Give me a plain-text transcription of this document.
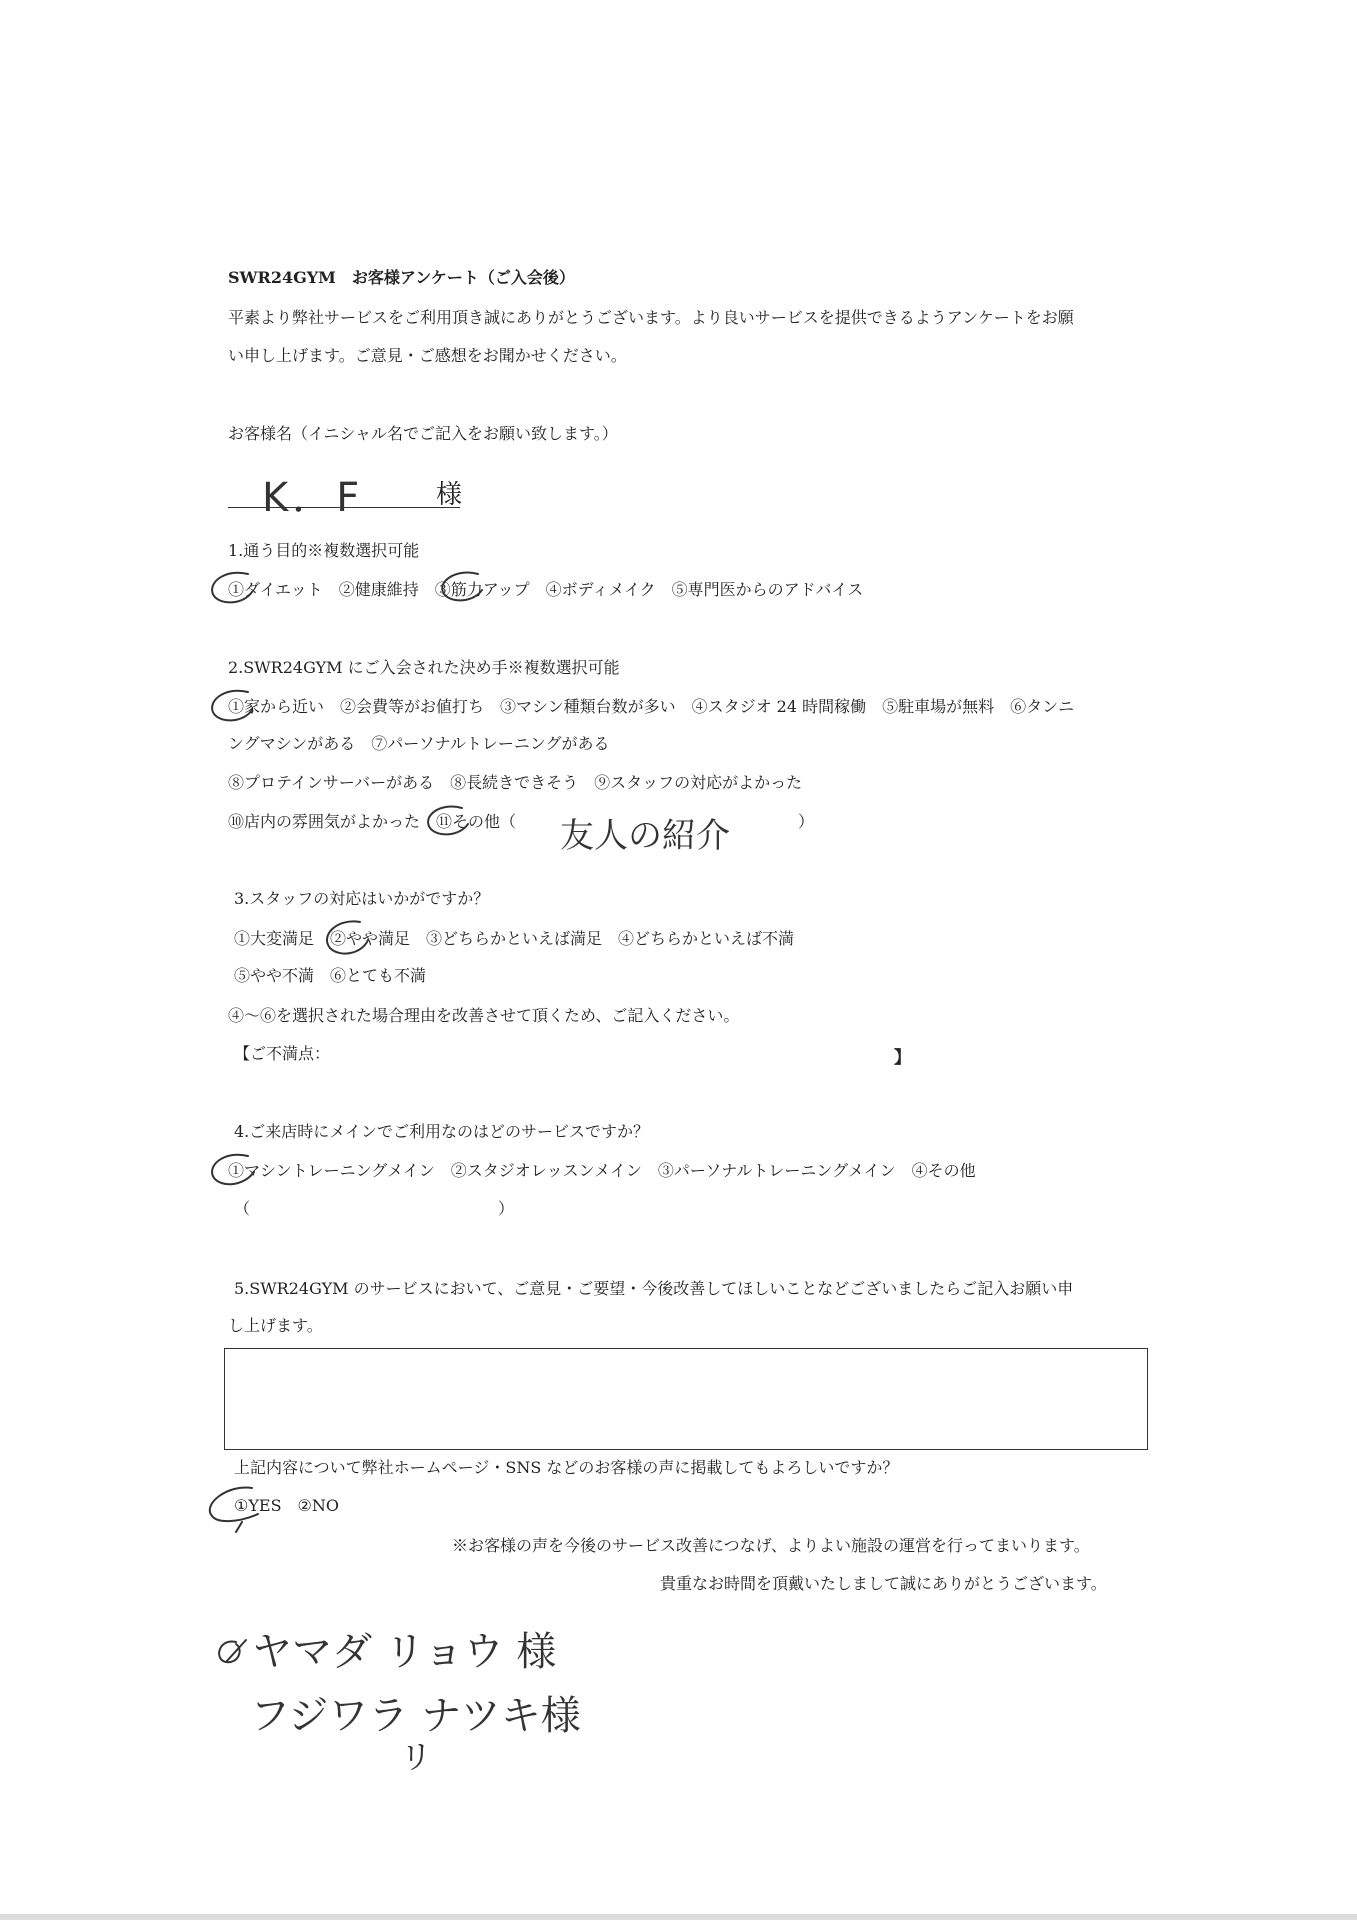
SWR24GYM　お客様アンケート（ご入会後）
平素より弊社サービスをご利用頂き誠にありがとうございます。より良いサービスを提供できるようアンケートをお願
い申し上げます。ご意見・ご感想をお聞かせください。
お客様名（イニシャル名でご記入をお願い致します。）
K．F	様
1.通う目的※複数選択可能
①ダイエット　②健康維持　③筋力アップ　④ボディメイク　⑤専門医からのアドバイス
2.SWR24GYM にご入会された決め手※複数選択可能
①家から近い　②会費等がお値打ち　③マシン種類台数が多い　④スタジオ 24 時間稼働　⑤駐車場が無料　⑥タンニ
ングマシンがある　⑦パーソナルトレーニングがある
⑧プロテインサーバーがある　⑧長続きできそう　⑨スタッフの対応がよかった
⑩店内の雰囲気がよかった　⑪その他（ 友人の紹介	）
3.スタッフの対応はいかがですか？
①大変満足　②やや満足　③どちらかといえば満足　④どちらかといえば不満
⑤やや不満　⑥とても不満
④～⑥を選択された場合理由を改善させて頂くため、ご記入ください。
【ご不満点：	】
4.ご来店時にメインでご利用なのはどのサービスですか？
①マシントレーニングメイン　②スタジオレッスンメイン　③パーソナルトレーニングメイン　④その他
（	）
5.SWR24GYM のサービスにおいて、ご意見・ご要望・今後改善してほしいことなどございましたらご記入お願い申
し上げます。
上記内容について弊社ホームページ・SNS などのお客様の声に掲載してもよろしいですか？
①YES　②NO
※お客様の声を今後のサービス改善につなげ、よりよい施設の運営を行ってまいります。
貴重なお時間を頂戴いたしまして誠にありがとうございます。
ヤマダ リョウ 様
フジワラ ナツキ様
リ
